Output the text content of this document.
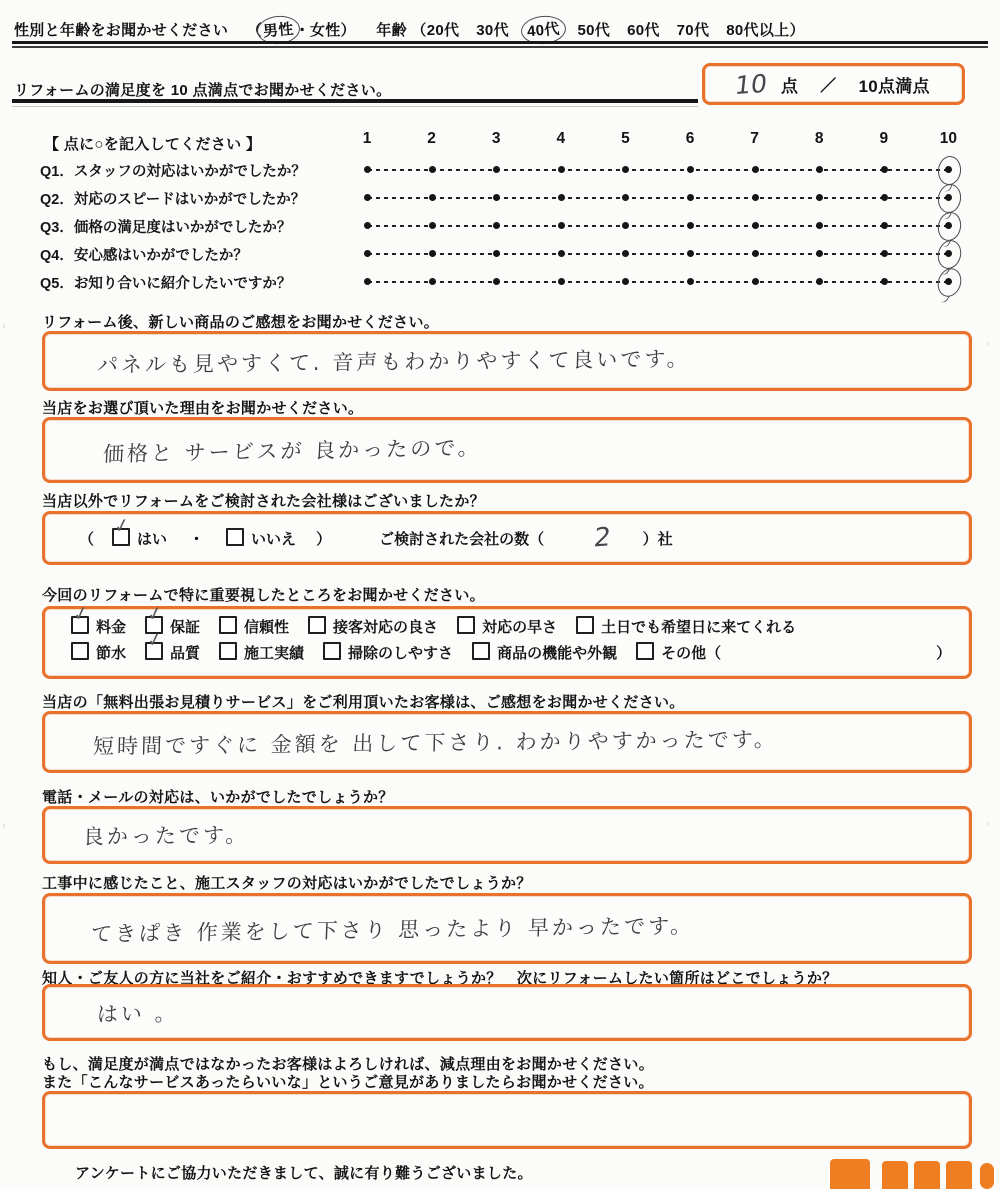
性別と年齢をお聞かせください （男性・女性） 年齢 （20代 30代 40代 50代 60代 70代 80代以上）
リフォームの満足度を 10 点満点でお聞かせください。	10 点 ／ 10点満点
【 点に○を記入してください 】	1	2	3	4	5	6	7	8	9	10
Q1．スタッフの対応はいかがでしたか？
Q2．対応のスピードはいかがでしたか？
Q3．価格の満足度はいかがでしたか？
Q4．安心感はいかがでしたか？
Q5．お知り合いに紹介したいですか？
リフォーム後、新しい商品のご感想をお聞かせください。
パネルも見やすくて. 音声もわかりやすくて良いです。
当店をお選び頂いた理由をお聞かせください。
価格と サービスが 良かったので。
当店以外でリフォームをご検討された会社様はございましたか？
（
✓
はい ・	いいえ ）	ご検討された会社の数（ 2 ）社
今回のリフォームで特に重要視したところをお聞かせください。
✓
料金
✓
保証	信頼性	接客対応の良さ	対応の早さ	土日でも希望日に来てくれる
節水
✓
品質	施工実績	掃除のしやすさ	商品の機能や外観	その他（	）
当店の「無料出張お見積りサービス」をご利用頂いたお客様は、ご感想をお聞かせください。
短時間ですぐに 金額を 出して下さり. わかりやすかったです。
電話・メールの対応は、いかがでしたでしょうか？
良かったです。
工事中に感じたこと、施工スタッフの対応はいかがでしたでしょうか？
てきぱき 作業をして下さり 思ったより 早かったです。
知人・ご友人の方に当社をご紹介・おすすめできますでしょうか？　次にリフォームしたい箇所はどこでしょうか？
はい 。
もし、満足度が満点ではなかったお客様はよろしければ、減点理由をお聞かせください。
また「こんなサービスあったらいいな」というご意見がありましたらお聞かせください。
アンケートにご協力いただきまして、誠に有り難うございました。
›
‹
›	‹
